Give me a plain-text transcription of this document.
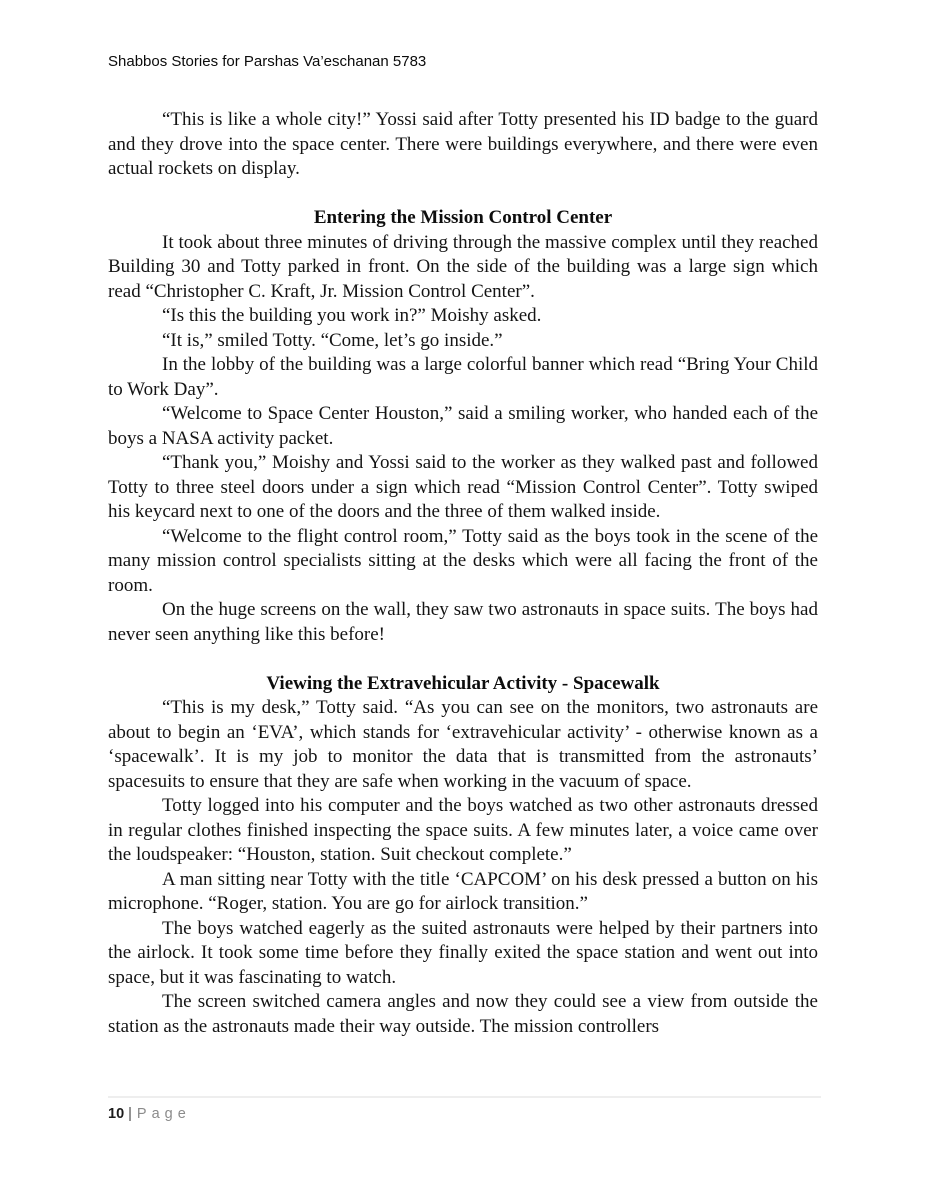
Shabbos Stories for Parshas Va’eschanan 5783

“This is like a whole city!” Yossi said after Totty presented his ID badge to the guard and they drove into the space center. There were buildings everywhere, and there were even actual rockets on display.

Entering the Mission Control Center

It took about three minutes of driving through the massive complex until they reached Building 30 and Totty parked in front. On the side of the building was a large sign which read “Christopher C. Kraft, Jr. Mission Control Center”.

“Is this the building you work in?” Moishy asked.

“It is,” smiled Totty. “Come, let’s go inside.”

In the lobby of the building was a large colorful banner which read “Bring Your Child to Work Day”.

“Welcome to Space Center Houston,” said a smiling worker, who handed each of the boys a NASA activity packet.

“Thank you,” Moishy and Yossi said to the worker as they walked past and followed Totty to three steel doors under a sign which read “Mission Control Center”. Totty swiped his keycard next to one of the doors and the three of them walked inside.

“Welcome to the flight control room,” Totty said as the boys took in the scene of the many mission control specialists sitting at the desks which were all facing the front of the room.

On the huge screens on the wall, they saw two astronauts in space suits. The boys had never seen anything like this before!

Viewing the Extravehicular Activity - Spacewalk

“This is my desk,” Totty said. “As you can see on the monitors, two astronauts are about to begin an ‘EVA’, which stands for ‘extravehicular activity’ - otherwise known as a ‘spacewalk’. It is my job to monitor the data that is transmitted from the astronauts’ spacesuits to ensure that they are safe when working in the vacuum of space.

Totty logged into his computer and the boys watched as two other astronauts dressed in regular clothes finished inspecting the space suits. A few minutes later, a voice came over the loudspeaker: “Houston, station. Suit checkout complete.”

A man sitting near Totty with the title ‘CAPCOM’ on his desk pressed a button on his microphone. “Roger, station. You are go for airlock transition.”

The boys watched eagerly as the suited astronauts were helped by their partners into the airlock. It took some time before they finally exited the space station and went out into space, but it was fascinating to watch.

The screen switched camera angles and now they could see a view from outside the station as the astronauts made their way outside. The mission controllers

10 | Page
